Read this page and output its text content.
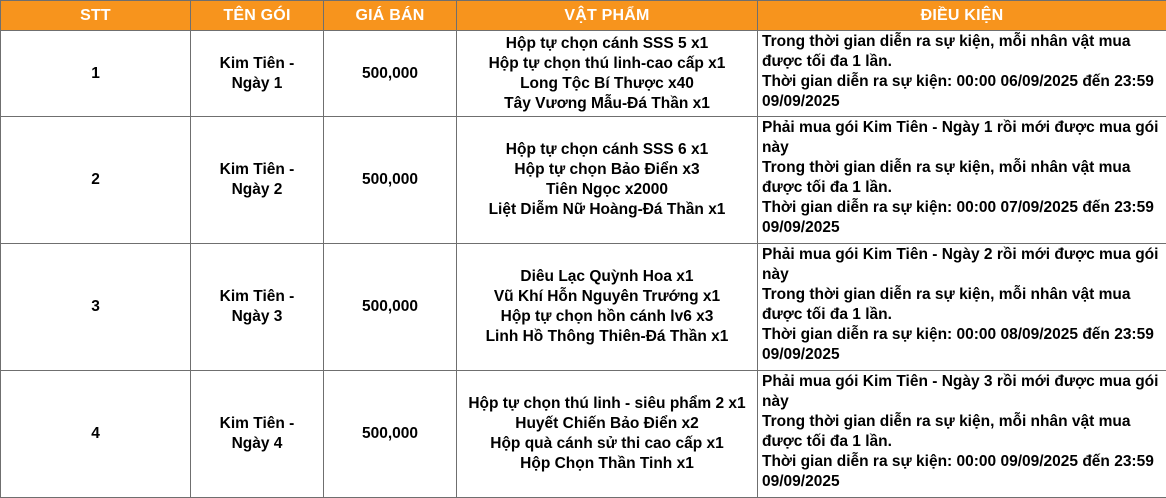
STT	TÊN GÓI	GIÁ BÁN	VẬT PHẨM	ĐIỀU KIỆN
1	Kim Tiên - Ngày 1	500,000	Hộp tự chọn cánh SSS 5 x1
Hộp tự chọn thú linh-cao cấp x1
Long Tộc Bí Thược x40
Tây Vương Mẫu-Đá Thần x1	Trong thời gian diễn ra sự kiện, mỗi nhân vật mua được tối đa 1 lần.
Thời gian diễn ra sự kiện: 00:00 06/09/2025 đến 23:59 09/09/2025

2	Kim Tiên - Ngày 2	500,000	Hộp tự chọn cánh SSS 6 x1
Hộp tự chọn Bảo Điển x3
Tiên Ngọc x2000
Liệt Diễm Nữ Hoàng-Đá Thần x1	Phải mua gói Kim Tiên - Ngày 1 rồi mới được mua gói này
Trong thời gian diễn ra sự kiện, mỗi nhân vật mua được tối đa 1 lần.
Thời gian diễn ra sự kiện: 00:00 07/09/2025 đến 23:59 09/09/2025

3	Kim Tiên - Ngày 3	500,000	Diêu Lạc Quỳnh Hoa x1
Vũ Khí Hỗn Nguyên Trướng x1
Hộp tự chọn hồn cánh lv6 x3
Linh Hồ Thông Thiên-Đá Thần x1	Phải mua gói Kim Tiên - Ngày 2 rồi mới được mua gói này
Trong thời gian diễn ra sự kiện, mỗi nhân vật mua được tối đa 1 lần.
Thời gian diễn ra sự kiện: 00:00 08/09/2025 đến 23:59 09/09/2025

4	Kim Tiên - Ngày 4	500,000	Hộp tự chọn thú linh - siêu phẩm 2 x1
Huyết Chiến Bảo Điển x2
Hộp quà cánh sử thi cao cấp x1
Hộp Chọn Thần Tinh x1	Phải mua gói Kim Tiên - Ngày 3 rồi mới được mua gói này
Trong thời gian diễn ra sự kiện, mỗi nhân vật mua được tối đa 1 lần.
Thời gian diễn ra sự kiện: 00:00 09/09/2025 đến 23:59 09/09/2025
